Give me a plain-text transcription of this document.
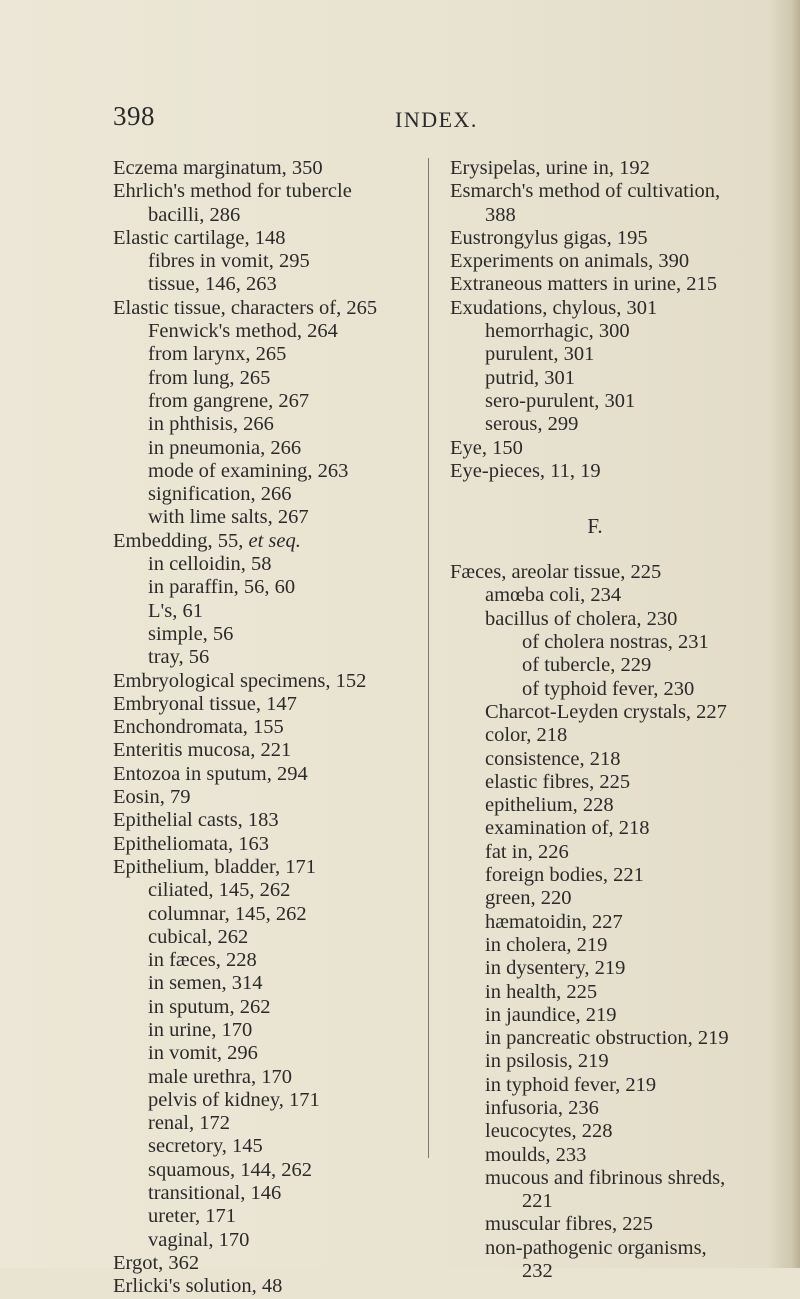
398	INDEX.
Eczema marginatum, 350
Ehrlich's method for tubercle
bacilli, 286
Elastic cartilage, 148
fibres in vomit, 295
tissue, 146, 263
Elastic tissue, characters of, 265
Fenwick's method, 264
from larynx, 265
from lung, 265
from gangrene, 267
in phthisis, 266
in pneumonia, 266
mode of examining, 263
signification, 266
with lime salts, 267
Embedding, 55, et seq.
in celloidin, 58
in paraffin, 56, 60
L's, 61
simple, 56
tray, 56
Embryological specimens, 152
Embryonal tissue, 147
Enchondromata, 155
Enteritis mucosa, 221
Entozoa in sputum, 294
Eosin, 79
Epithelial casts, 183
Epitheliomata, 163
Epithelium, bladder, 171
ciliated, 145, 262
columnar, 145, 262
cubical, 262
in fæces, 228
in semen, 314
in sputum, 262
in urine, 170
in vomit, 296
male urethra, 170
pelvis of kidney, 171
renal, 172
secretory, 145
squamous, 144, 262
transitional, 146
ureter, 171
vaginal, 170
Ergot, 362
Erlicki's solution, 48
Erysipelas, urine in, 192
Esmarch's method of cultivation,
388
Eustrongylus gigas, 195
Experiments on animals, 390
Extraneous matters in urine, 215
Exudations, chylous, 301
hemorrhagic, 300
purulent, 301
putrid, 301
sero-purulent, 301
serous, 299
Eye, 150
Eye-pieces, 11, 19
F.
Fæces, areolar tissue, 225
amœba coli, 234
bacillus of cholera, 230
of cholera nostras, 231
of tubercle, 229
of typhoid fever, 230
Charcot-Leyden crystals, 227
color, 218
consistence, 218
elastic fibres, 225
epithelium, 228
examination of, 218
fat in, 226
foreign bodies, 221
green, 220
hæmatoidin, 227
in cholera, 219
in dysentery, 219
in health, 225
in jaundice, 219
in pancreatic obstruction, 219
in psilosis, 219
in typhoid fever, 219
infusoria, 236
leucocytes, 228
moulds, 233
mucous and fibrinous shreds,
221
muscular fibres, 225
non-pathogenic organisms,
232
